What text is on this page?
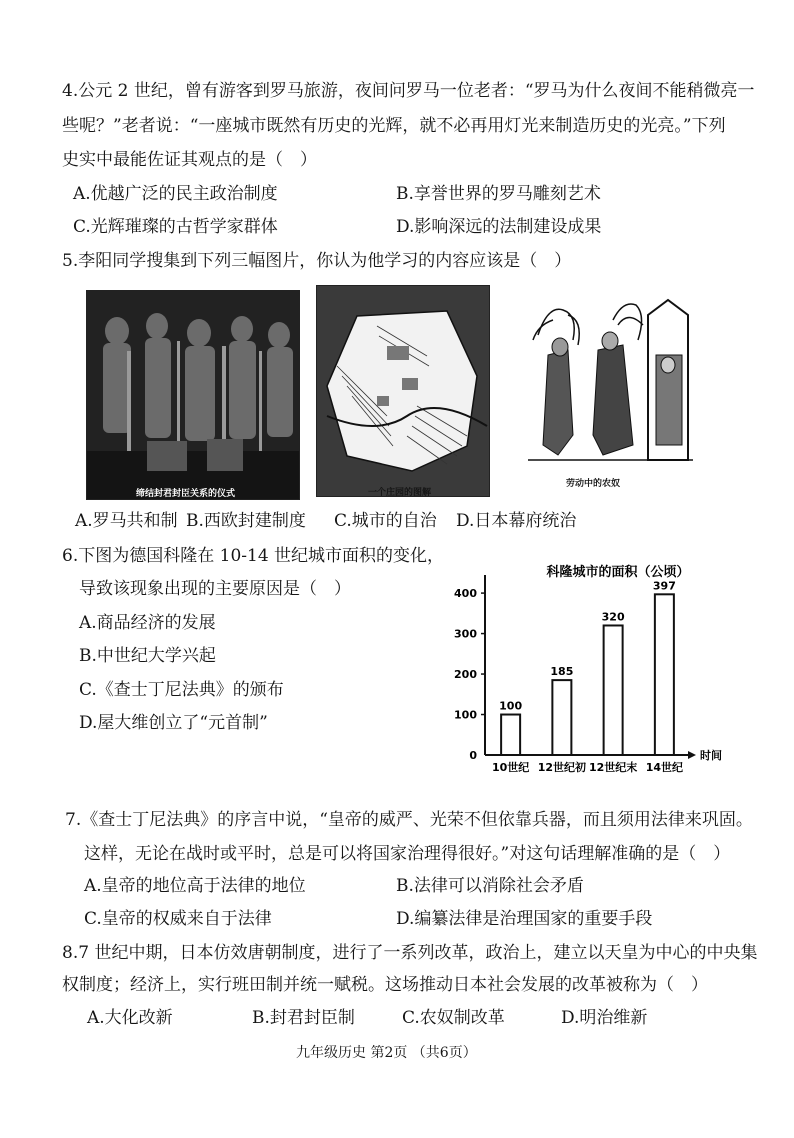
4.公元 2 世纪，曾有游客到罗马旅游，夜间问罗马一位老者：“罗马为什么夜间不能稍微亮一
些呢？”老者说：“一座城市既然有历史的光辉，就不必再用灯光来制造历史的光亮。”下列
史实中最能佐证其观点的是（　）
A.优越广泛的民主政治制度	B.享誉世界的罗马雕刻艺术
C.光辉璀璨的古哲学家群体	D.影响深远的法制建设成果
5.李阳同学搜集到下列三幅图片，你认为他学习的内容应该是（　）
缔结封君封臣关系的仪式	一个庄园的图解
劳动中的农奴
A.罗马共和制 B.西欧封建制度 C.城市的自治 D.日本幕府统治
6.下图为德国科隆在 10-14 世纪城市面积的变化，
导致该现象出现的主要原因是（　）
A.商品经济的发展
B.中世纪大学兴起
C.《查士丁尼法典》的颁布
D.屋大维创立了“元首制”
科隆城市的面积（公顷）
100
200
300
400
0
100
10世纪
185
12世纪初
320
12世纪末
397
14世纪
时间
7.《查士丁尼法典》的序言中说，“皇帝的威严、光荣不但依靠兵器，而且须用法律来巩固。
这样，无论在战时或平时，总是可以将国家治理得很好。”对这句话理解准确的是（　）
A.皇帝的地位高于法律的地位	B.法律可以消除社会矛盾
C.皇帝的权威来自于法律	D.编纂法律是治理国家的重要手段
8.7 世纪中期，日本仿效唐朝制度，进行了一系列改革，政治上，建立以天皇为中心的中央集
权制度；经济上，实行班田制并统一赋税。这场推动日本社会发展的改革被称为（　）
A.大化改新	B.封君封臣制	C.农奴制改革	D.明治维新
九年级历史 第2页 （共6页）
